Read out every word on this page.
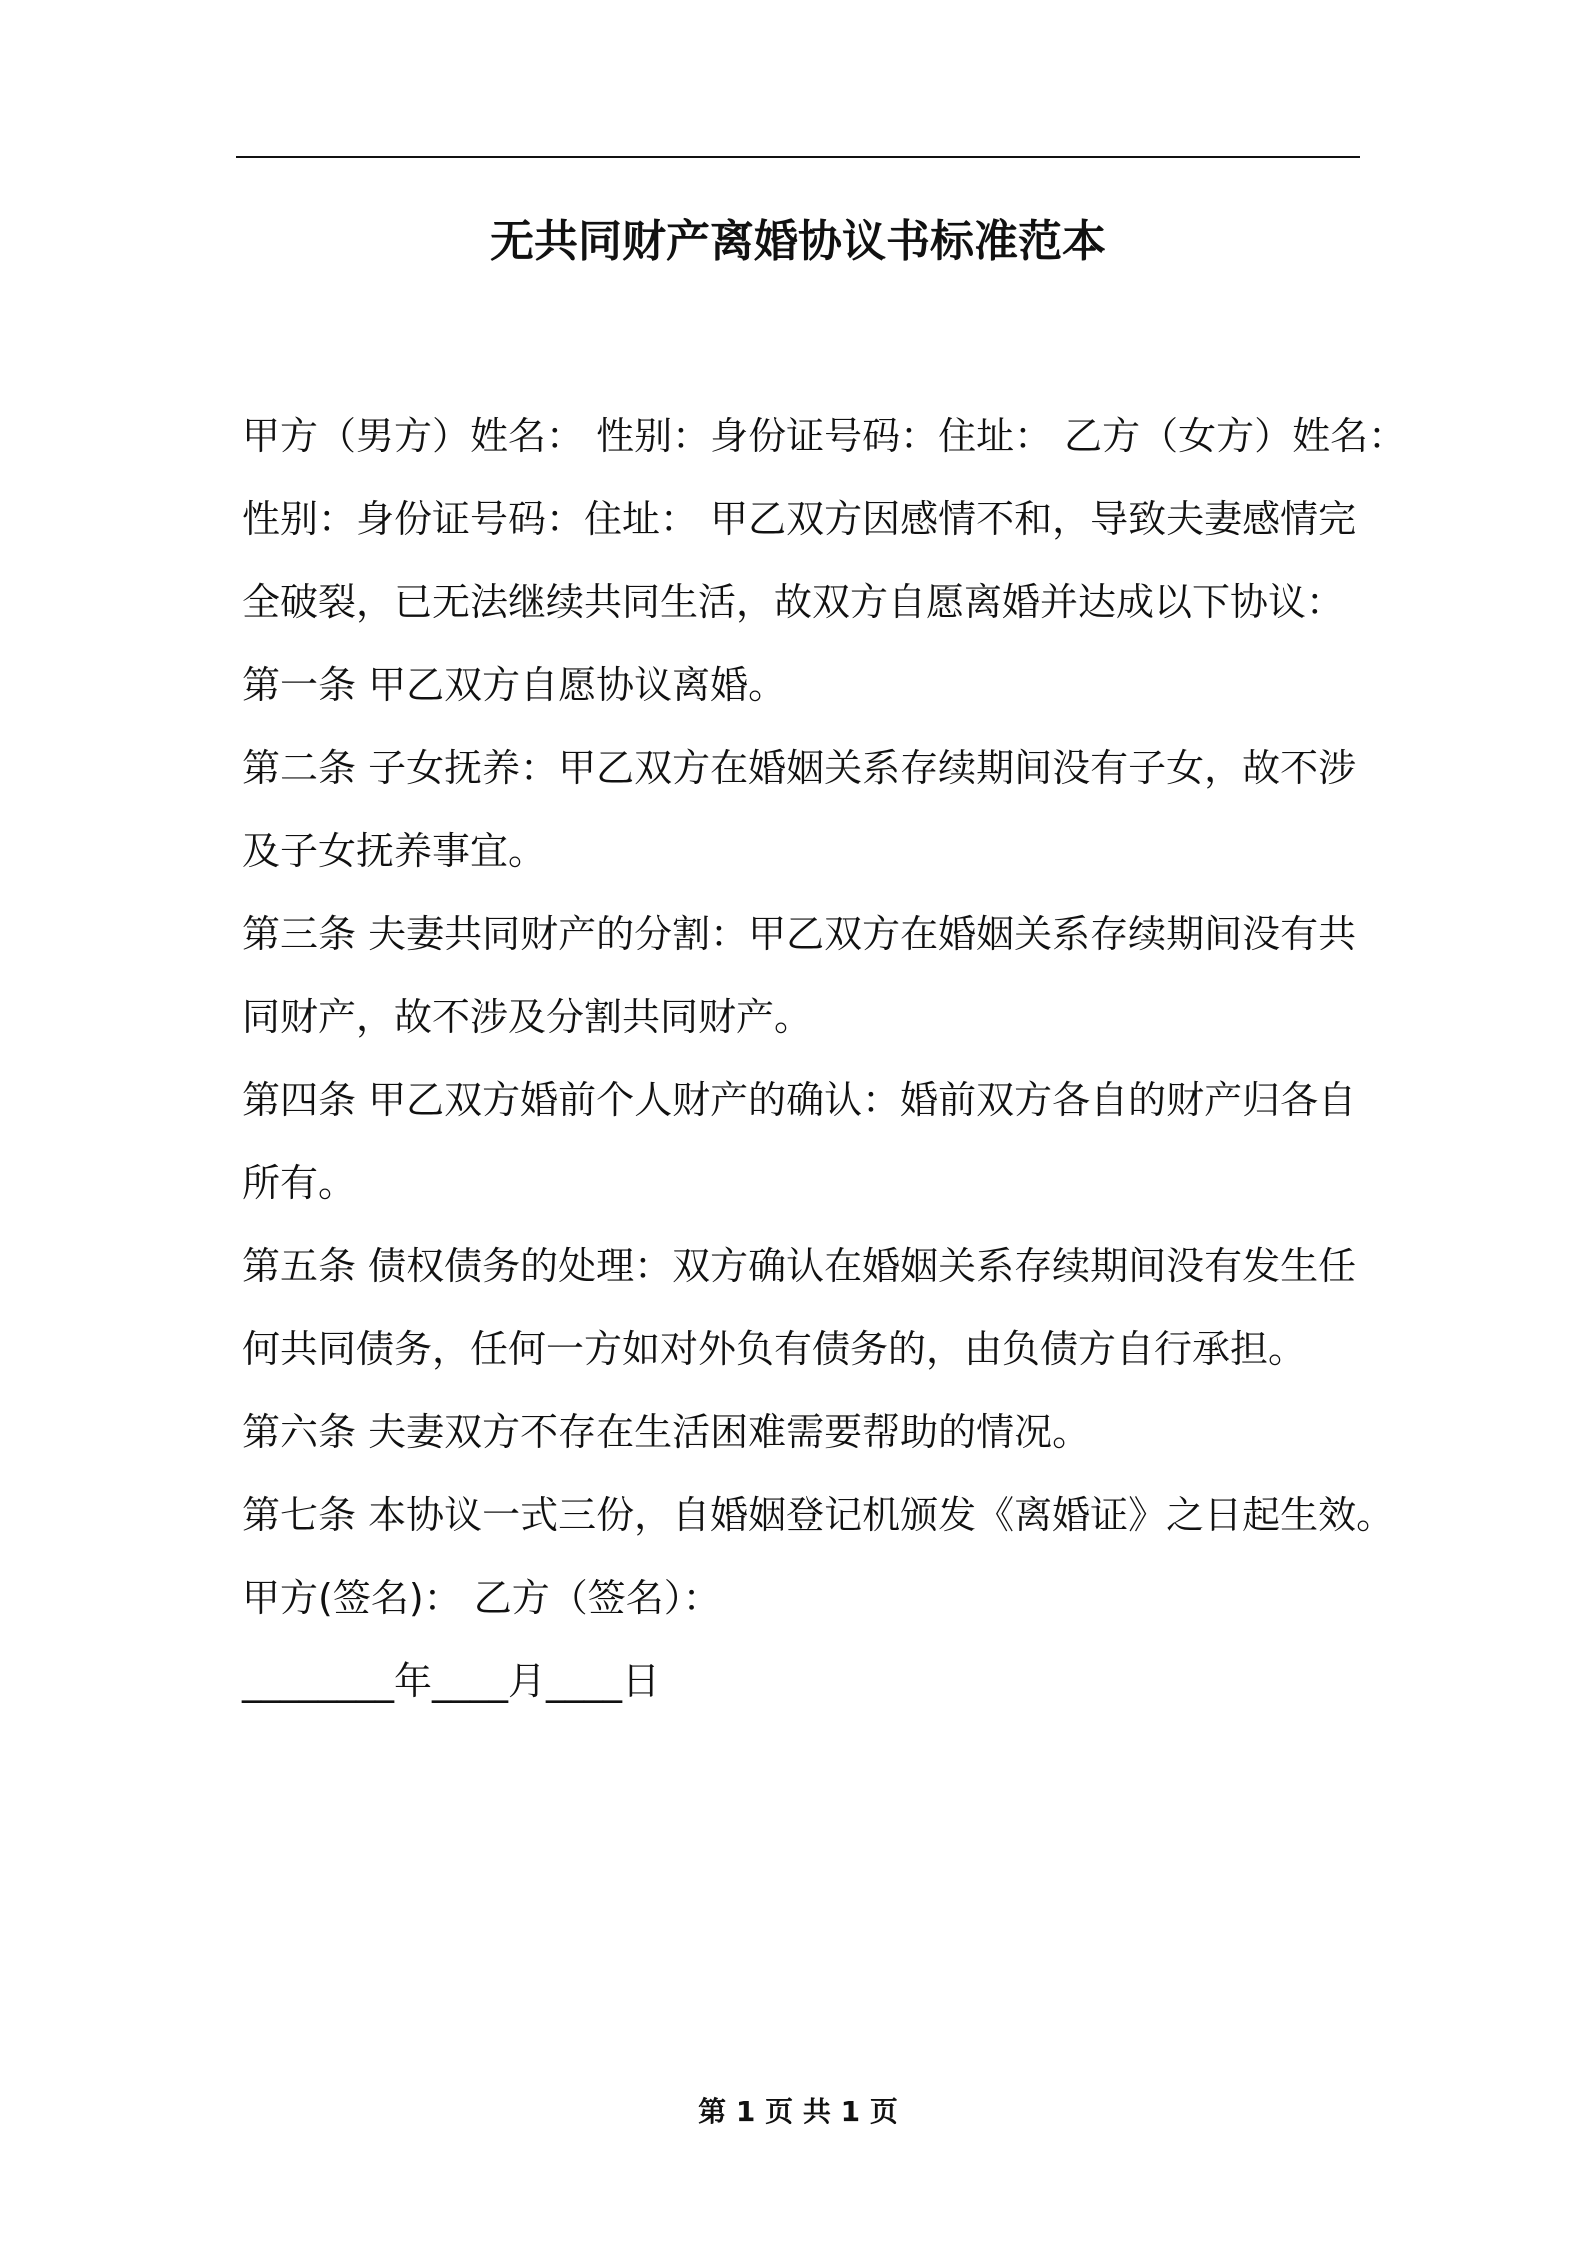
无共同财产离婚协议书标准范本
甲方（男方）姓名： 性别：身份证号码：住址： 乙方（女方）姓名：
性别：身份证号码：住址： 甲乙双方因感情不和，导致夫妻感情完
全破裂，已无法继续共同生活，故双方自愿离婚并达成以下协议：
第一条 甲乙双方自愿协议离婚。
第二条 子女抚养：甲乙双方在婚姻关系存续期间没有子女，故不涉
及子女抚养事宜。
第三条 夫妻共同财产的分割：甲乙双方在婚姻关系存续期间没有共
同财产，故不涉及分割共同财产。
第四条 甲乙双方婚前个人财产的确认：婚前双方各自的财产归各自
所有。
第五条 债权债务的处理：双方确认在婚姻关系存续期间没有发生任
何共同债务，任何一方如对外负有债务的，由负债方自行承担。
第六条 夫妻双方不存在生活困难需要帮助的情况。
第七条 本协议一式三份，自婚姻登记机颁发《离婚证》之日起生效。
甲方(签名)： 乙方（签名）：
________年____月____日
第 1 页 共 1 页
